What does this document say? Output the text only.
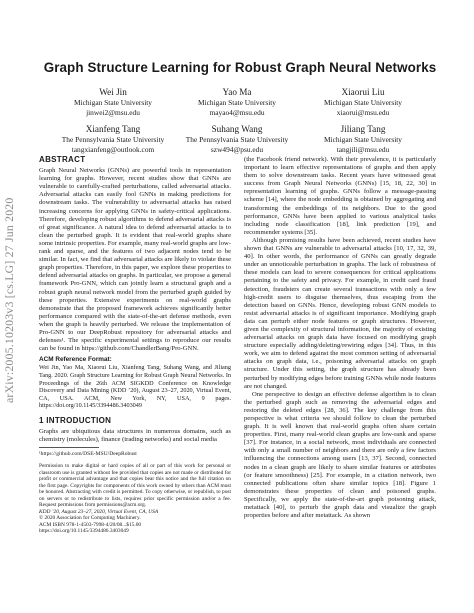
arXiv:2005.10203v3 [cs.LG] 27 Jun 2020
Graph Structure Learning for Robust Graph Neural Networks
Wei Jin
Michigan State University
jinwei2@msu.edu
Yao Ma
Michigan State University
mayao4@msu.edu
Xiaorui Liu
Michigan State University
xiaorui@msu.edu
Xianfeng Tang
The Pennsylvania State University
tangxianfeng@outlook.com
Suhang Wang
The Pennsylvania State University
szw494@psu.edu
Jiliang Tang
Michigan State University
tangjili@msu.edu
ABSTRACT

Graph Neural Networks (GNNs) are powerful tools in representation learning for graphs. However, recent studies show that GNNs are vulnerable to carefully-crafted perturbations, called adversarial attacks. Adversarial attacks can easily fool GNNs in making predictions for downstream tasks. The vulnerability to adversarial attacks has raised increasing concerns for applying GNNs in safety-critical applications. Therefore, developing robust algorithms to defend adversarial attacks is of great significance. A natural idea to defend adversarial attacks is to clean the perturbed graph. It is evident that real-world graphs share some intrinsic properties. For example, many real-world graphs are low-rank and sparse, and the features of two adjacent nodes tend to be similar. In fact, we find that adversarial attacks are likely to violate these graph properties. Therefore, in this paper, we explore these properties to defend adversarial attacks on graphs. In particular, we propose a general framework Pro-GNN, which can jointly learn a structural graph and a robust graph neural network model from the perturbed graph guided by these properties. Extensive experiments on real-world graphs demonstrate that the proposed framework achieves significantly better performance compared with the state-of-the-art defense methods, even when the graph is heavily perturbed. We release the implementation of Pro-GNN to our DeepRobust repository for adversarial attacks and defenses¹. The specific experimental settings to reproduce our results can be found in https://github.com/ChandlerBang/Pro-GNN.

ACM Reference Format:

Wei Jin, Yao Ma, Xiaorui Liu, Xianfeng Tang, Suhang Wang, and Jiliang Tang. 2020. Graph Structure Learning for Robust Graph Neural Networks. In Proceedings of the 26th ACM SIGKDD Conference on Knowledge Discovery and Data Mining (KDD ’20), August 23–27, 2020, Virtual Event, CA, USA. ACM, New York, NY, USA, 9 pages. https://doi.org/10.1145/3394486.3403049

1 INTRODUCTION

Graphs are ubiquitous data structures in numerous domains, such as chemistry (molecules), finance (trading networks) and social media

¹https://github.com/DSE-MSU/DeepRobust

Permission to make digital or hard copies of all or part of this work for personal or classroom use is granted without fee provided that copies are not made or distributed for profit or commercial advantage and that copies bear this notice and the full citation on the first page. Copyrights for components of this work owned by others than ACM must be honored. Abstracting with credit is permitted. To copy otherwise, or republish, to post on servers or to redistribute to lists, requires prior specific permission and/or a fee. Request permissions from permissions@acm.org.

KDD ’20, August 23–27, 2020, Virtual Event, CA, USA
© 2020 Association for Computing Machinery.
ACM ISBN 978-1-4503-7998-4/20/08...$15.00
https://doi.org/10.1145/3394486.3403049

(the Facebook friend network). With their prevalence, it is particularly important to learn effective representations of graphs and then apply them to solve downstream tasks. Recent years have witnessed great success from Graph Neural Networks (GNNs) [15, 18, 22, 30] in representation learning of graphs. GNNs follow a message-passing scheme [14], where the node embedding is obtained by aggregating and transforming the embeddings of its neighbors. Due to the good performance, GNNs have been applied to various analytical tasks including node classification [18], link prediction [19], and recommender systems [35].

Although promising results have been achieved, recent studies have shown that GNNs are vulnerable to adversarial attacks [10, 17, 32, 39, 40]. In other words, the performance of GNNs can greatly degrade under an unnoticeable perturbation in graphs. The lack of robustness of these models can lead to severe consequences for critical applications pertaining to the safety and privacy. For example, in credit card fraud detection, fraudsters can create several transactions with only a few high-credit users to disguise themselves, thus escaping from the detection based on GNNs. Hence, developing robust GNN models to resist adversarial attacks is of significant importance. Modifying graph data can perturb either node features or graph structures. However, given the complexity of structural information, the majority of existing adversarial attacks on graph data have focused on modifying graph structure especially adding/deleting/rewiring edges [34]. Thus, in this work, we aim to defend against the most common setting of adversarial attacks on graph data, i.e., poisoning adversarial attacks on graph structure. Under this setting, the graph structure has already been perturbed by modifying edges before training GNNs while node features are not changed.

One perspective to design an effective defense algorithm is to clean the perturbed graph such as removing the adversarial edges and restoring the deleted edges [28, 36]. The key challenge from this perspective is what criteria we should follow to clean the perturbed graph. It is well known that real-world graphs often share certain properties. First, many real-world clean graphs are low-rank and sparse [37]. For instance, in a social network, most individuals are connected with only a small number of neighbors and there are only a few factors influencing the connections among users [13, 37]. Second, connected nodes in a clean graph are likely to share similar features or attributes (or feature smoothness) [25]. For example, in a citation network, two connected publications often share similar topics [18]. Figure 1 demonstrates these properties of clean and poisoned graphs. Specifically, we apply the state-of-the-art graph poisoning attack, metattack [40], to perturb the graph data and visualize the graph properties before and after metattack. As shown
